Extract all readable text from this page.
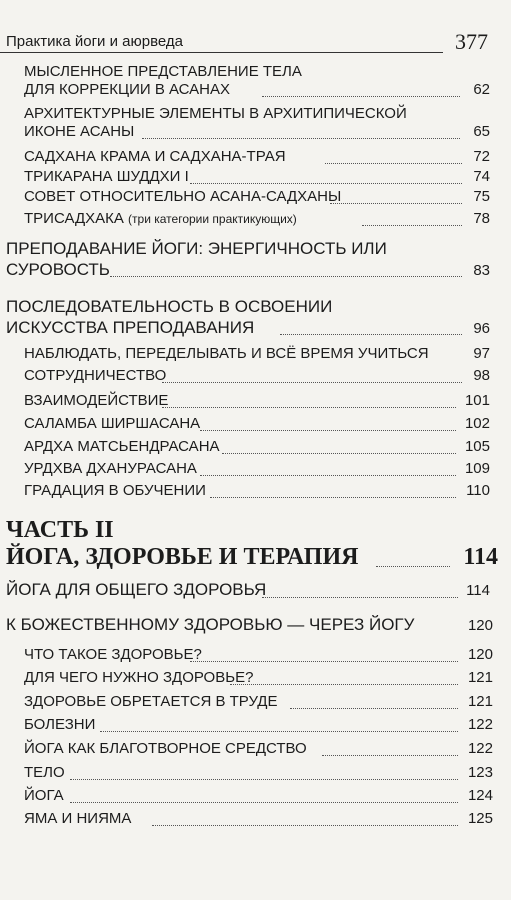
Практика йоги и аюрведа	377
МЫСЛЕННОЕ ПРЕДСТАВЛЕНИЕ ТЕЛА
ДЛЯ КОРРЕКЦИИ В АСАНАХ	62
АРХИТЕКТУРНЫЕ ЭЛЕМЕНТЫ В АРХИТИПИЧЕСКОЙ
ИКОНЕ АСАНЫ	65
САДХАНА КРАМА И САДХАНА-ТРАЯ	72
ТРИКАРАНА ШУДДХИ I	74
СОВЕТ ОТНОСИТЕЛЬНО АСАНА-САДХАНЫ	75
ТРИСАДХАКА (три категории практикующих)	78
ПРЕПОДАВАНИЕ ЙОГИ: ЭНЕРГИЧНОСТЬ ИЛИ
СУРОВОСТЬ	83
ПОСЛЕДОВАТЕЛЬНОСТЬ В ОСВОЕНИИ
ИСКУССТВА ПРЕПОДАВАНИЯ	96
НАБЛЮДАТЬ, ПЕРЕДЕЛЫВАТЬ И ВСЁ ВРЕМЯ УЧИТЬСЯ	97
СОТРУДНИЧЕСТВО	98
ВЗАИМОДЕЙСТВИЕ	101
САЛАМБА ШИРШАСАНА	102
АРДХА МАТСЬЕНДРАСАНА	105
УРДХВА ДХАНУРАСАНА	109
ГРАДАЦИЯ В ОБУЧЕНИИ	110
ЧАСТЬ II
ЙОГА, ЗДОРОВЬЕ И ТЕРАПИЯ	114
ЙОГА ДЛЯ ОБЩЕГО ЗДОРОВЬЯ	114
К БОЖЕСТВЕННОМУ ЗДОРОВЬЮ — ЧЕРЕЗ ЙОГУ	120
ЧТО ТАКОЕ ЗДОРОВЬЕ?	120
ДЛЯ ЧЕГО НУЖНО ЗДОРОВЬЕ?	121
ЗДОРОВЬЕ ОБРЕТАЕТСЯ В ТРУДЕ	121
БОЛЕЗНИ	122
ЙОГА КАК БЛАГОТВОРНОЕ СРЕДСТВО	122
ТЕЛО	123
ЙОГА	124
ЯМА И НИЯМА	125
